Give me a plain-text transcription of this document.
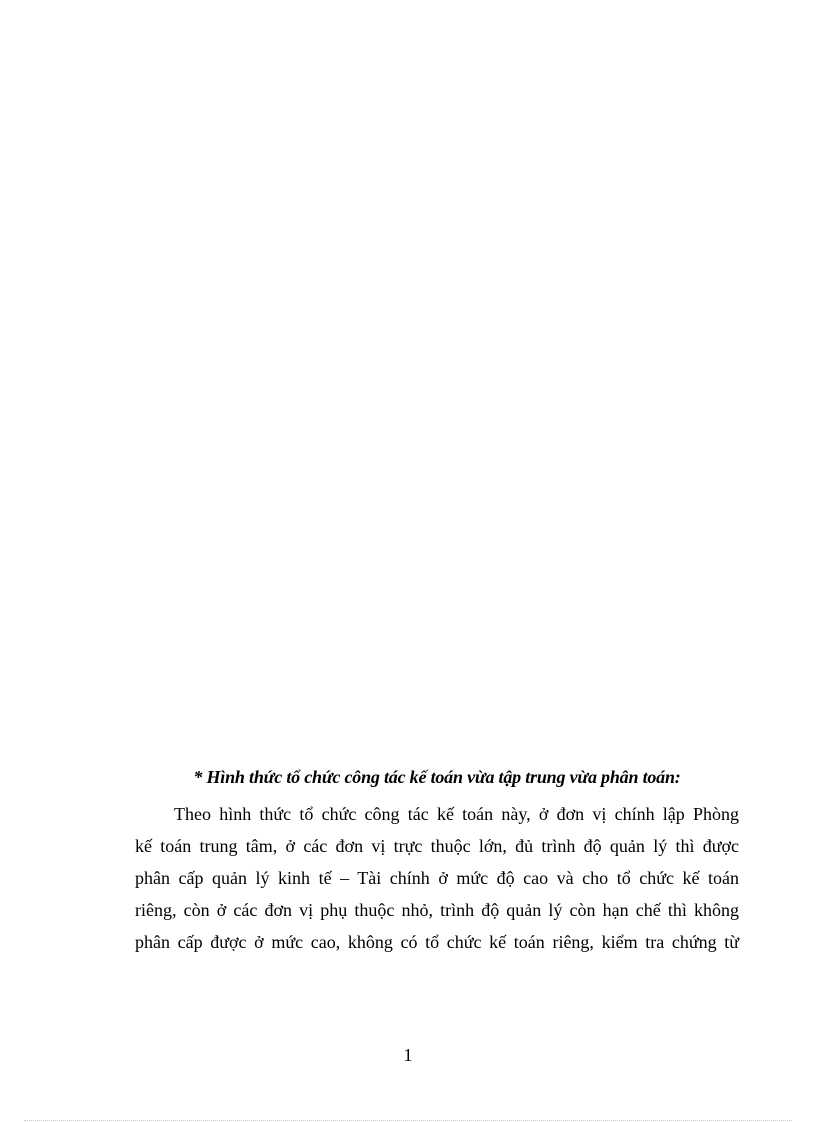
* Hình thức tổ chức công tác kế toán vừa tập trung vừa phân toán:

Theo hình thức tổ chức công tác kế toán này, ở đơn vị chính lập Phòng
kế toán trung tâm, ở các đơn vị trực thuộc lớn, đủ trình độ quản lý thì được
phân cấp quản lý kinh tế – Tài chính ở mức độ cao và cho tổ chức kế toán
riêng, còn ở các đơn vị phụ thuộc nhỏ, trình độ quản lý còn hạn chế thì không
phân cấp được ở mức cao, không có tổ chức kế toán riêng, kiểm tra chứng từ

1
